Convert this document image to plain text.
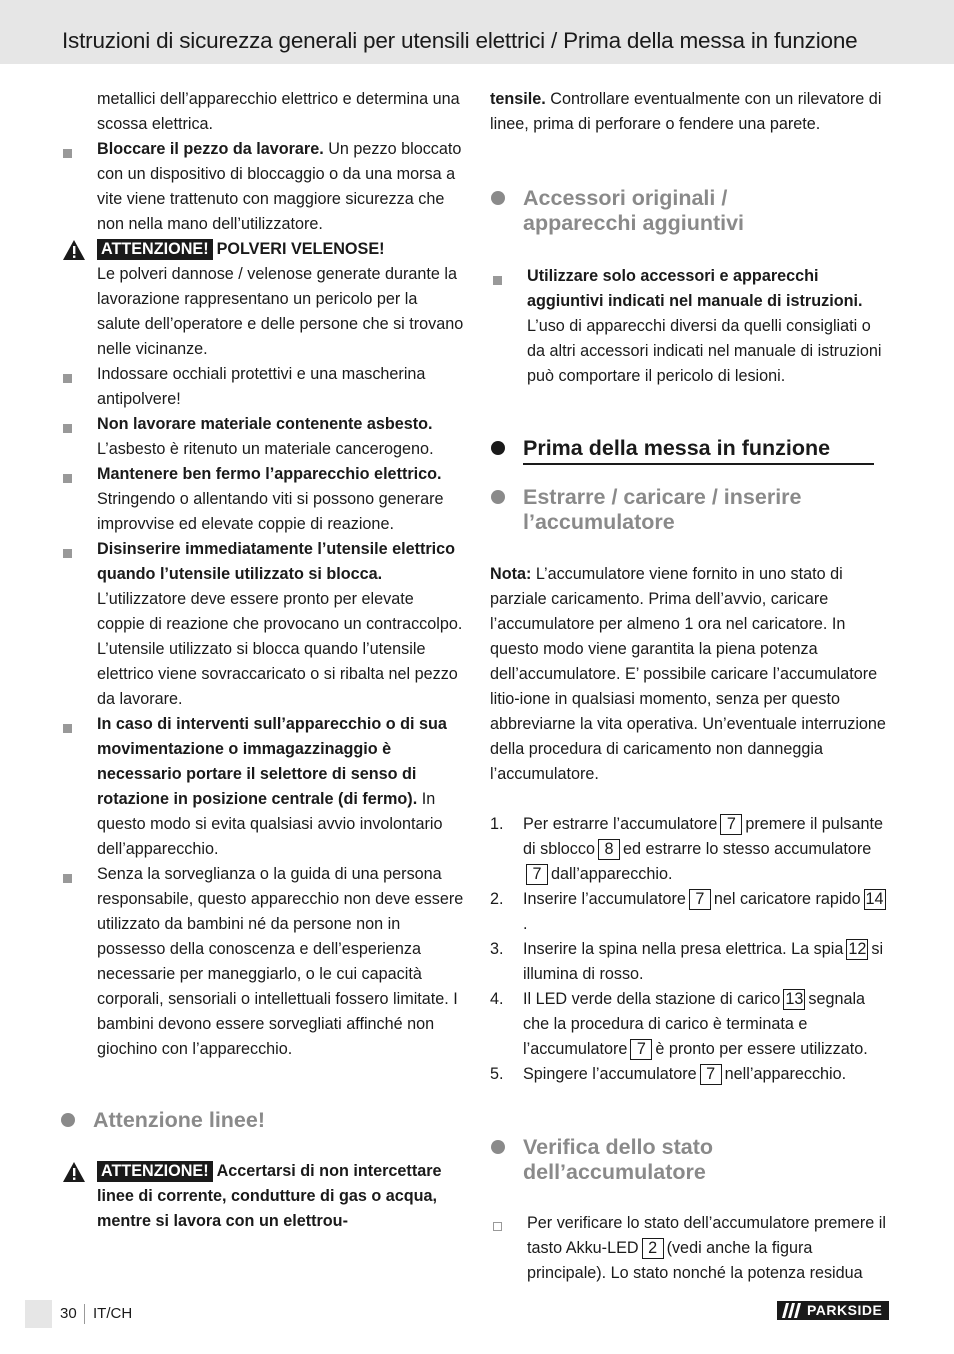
Istruzioni di sicurezza generali per utensili elettrici / Prima della messa in funzione

metallici dell’apparecchio elettrico e determina una scossa elettrica.

Bloccare il pezzo da lavorare. Un pezzo bloccato con un dispositivo di bloccaggio o da una morsa a vite viene trattenuto con maggiore sicurezza che non nella mano dell’utilizzatore.
ATTENZIONE! POLVERI VELENOSE!

Le polveri dannose / velenose generate durante la lavorazione rappresentano un pericolo per la salute dell’operatore e delle persone che si trovano nelle vicinanze.

Indossare occhiali protettivi e una mascherina antipolvere!
Non lavorare materiale contenente asbesto. L’asbesto è ritenuto un materiale cancerogeno.
Mantenere ben fermo l’apparecchio elettrico. Stringendo o allentando viti si possono generare improvvise ed elevate coppie di reazione.
Disinserire immediatamente l’utensile elettrico quando l’utensile utilizzato si blocca. L’utilizzatore deve essere pronto per elevate coppie di reazione che provocano un contraccolpo. L’utensile utilizzato si blocca quando l’utensile elettrico viene sovraccaricato o si ribalta nel pezzo da lavorare.
In caso di interventi sull’apparecchio o di sua movimentazione o immagazzinaggio è necessario portare il selettore di senso di rotazione in posizione centrale (di fermo). In questo modo si evita qualsiasi avvio involontario dell’apparecchio.
Senza la sorveglianza o la guida di una persona responsabile, questo apparecchio non deve essere utilizzato da bambini né da persone non in possesso della conoscenza e dell’esperienza necessarie per maneggiarlo, o le cui capacità corporali, sensoriali o intellettuali fossero limitate. I bambini devono essere sorvegliati affinché non giochino con l’apparecchio.
Attenzione linee!
ATTENZIONE! Accertarsi di non intercettare linee di corrente, condutture di gas o acqua, mentre si lavora con un elettrou-

tensile. Controllare eventualmente con un rilevatore di linee, prima di perforare o fendere una parete.

Accessori originali /
apparecchi aggiuntivi
Utilizzare solo accessori e apparecchi aggiuntivi indicati nel manuale di istruzioni. L’uso di apparecchi diversi da quelli consigliati o da altri accessori indicati nel manuale di istruzioni può comportare il pericolo di lesioni.
Prima della messa in funzione
Estrarre / caricare / inserire
l’accumulatore

Nota: L’accumulatore viene fornito in uno stato di parziale caricamento. Prima dell’avvio, caricare l’accumulatore per almeno 1 ora nel caricatore. In questo modo viene garantita la piena potenza dell’accumulatore. E’ possibile caricare l’accumulatore litio-ione in qualsiasi momento, senza per questo abbreviarne la vita operativa. Un’eventuale interruzione della procedura di caricamento non danneggia l’accumulatore.

1. Per estrarre l’accumulatore 7 premere il pulsante di sblocco 8 ed estrarre lo stesso accumulatore7 dall’apparecchio.
2. Inserire l’accumulatore 7 nel caricatore rapido 14.
3. Inserire la spina nella presa elettrica. La spia 12 si illumina di rosso.
4. Il LED verde della stazione di carico 13 segnala che la procedura di carico è terminata e l’accumulatore 7 è pronto per essere utilizzato.
5. Spingere l’accumulatore 7 nell’apparecchio.
Verifica dello stato
dell’accumulatore
Per verificare lo stato dell’accumulatore premere il tasto Akku-LED 2 (vedi anche la figura principale). Lo stato nonché la potenza residua
30 IT/CH	PARKSIDE
